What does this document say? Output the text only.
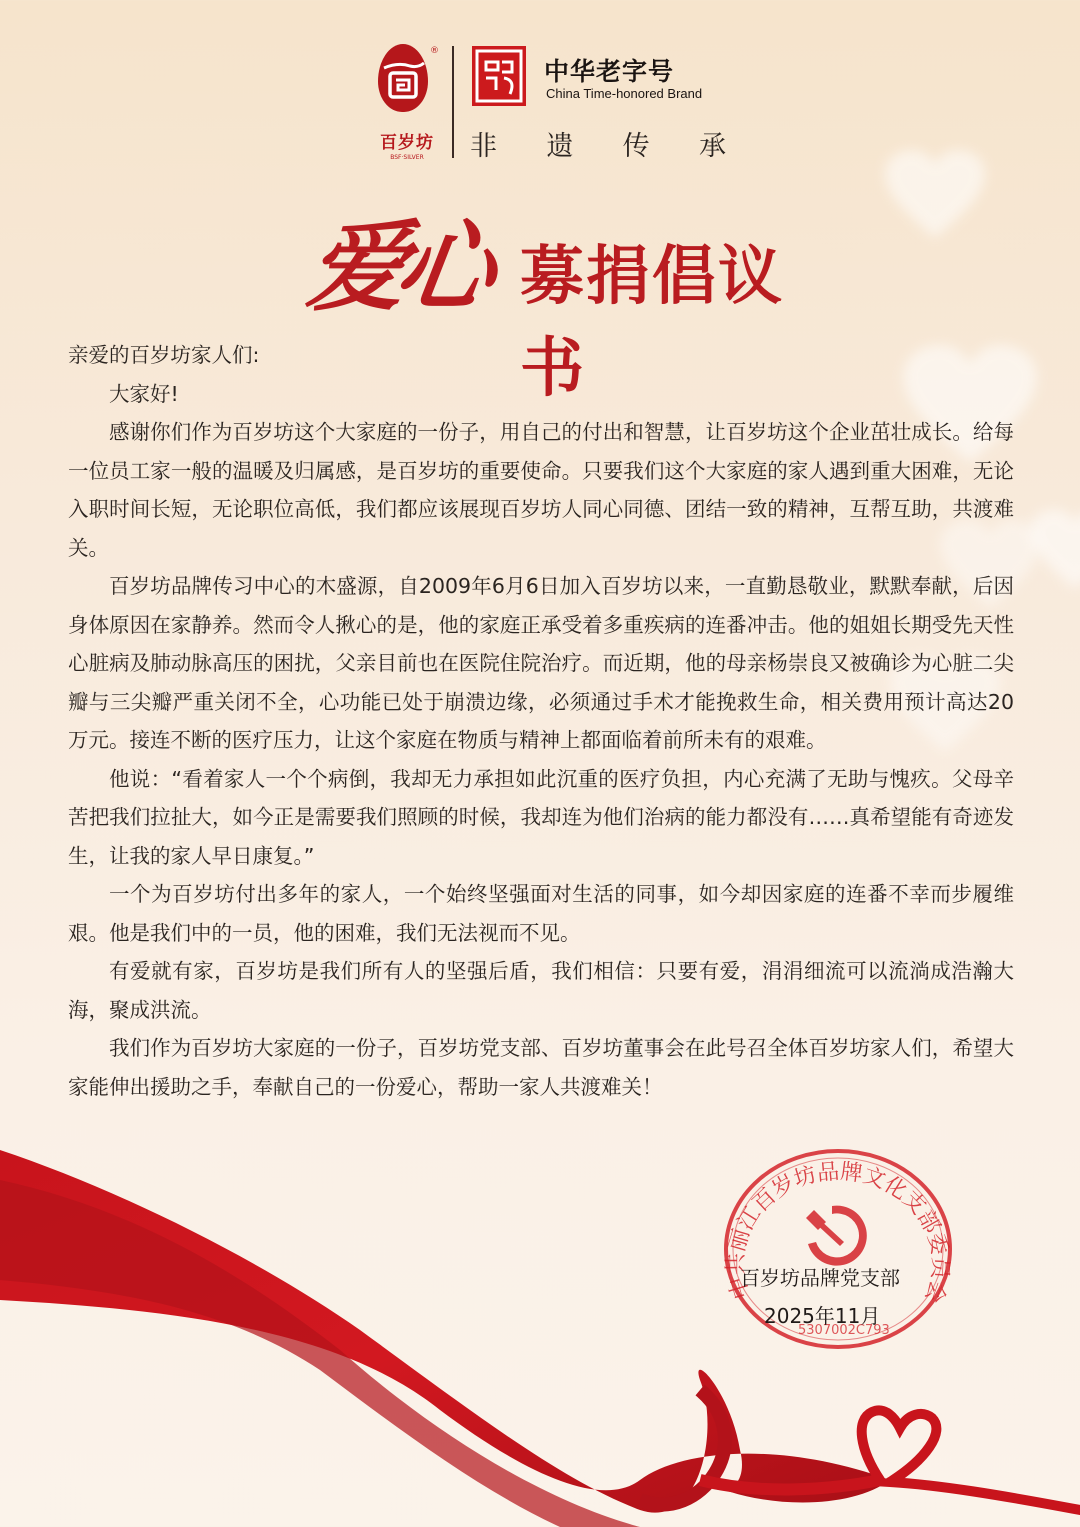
®
百岁坊
BSF·SILVER
中华老字号
China Time-honored Brand
非 遗 传 承
爱心 募捐倡议书

亲爱的百岁坊家人们:

大家好!

感谢你们作为百岁坊这个大家庭的一份子，用自己的付出和智慧，让百岁坊这个企业茁壮成长。给每一位员工家一般的温暖及归属感，是百岁坊的重要使命。只要我们这个大家庭的家人遇到重大困难，无论入职时间长短，无论职位高低，我们都应该展现百岁坊人同心同德、团结一致的精神，互帮互助，共渡难关。

百岁坊品牌传习中心的木盛源，自2009年6月6日加入百岁坊以来，一直勤恳敬业，默默奉献，后因身体原因在家静养。然而令人揪心的是，他的家庭正承受着多重疾病的连番冲击。他的姐姐长期受先天性心脏病及肺动脉高压的困扰，父亲目前也在医院住院治疗。而近期，他的母亲杨崇良又被确诊为心脏二尖瓣与三尖瓣严重关闭不全，心功能已处于崩溃边缘，必须通过手术才能挽救生命，相关费用预计高达20万元。接连不断的医疗压力，让这个家庭在物质与精神上都面临着前所未有的艰难。

他说：“看着家人一个个病倒，我却无力承担如此沉重的医疗负担，内心充满了无助与愧疚。父母辛苦把我们拉扯大，如今正是需要我们照顾的时候，我却连为他们治病的能力都没有……真希望能有奇迹发生，让我的家人早日康复。”

一个为百岁坊付出多年的家人，一个始终坚强面对生活的同事，如今却因家庭的连番不幸而步履维艰。他是我们中的一员，他的困难，我们无法视而不见。

有爱就有家，百岁坊是我们所有人的坚强后盾，我们相信：只要有爱，涓涓细流可以流淌成浩瀚大海，聚成洪流。

我们作为百岁坊大家庭的一份子，百岁坊党支部、百岁坊董事会在此号召全体百岁坊家人们，希望大家能伸出援助之手，奉献自己的一份爱心，帮助一家人共渡难关！

中共丽江百岁坊品牌文化支部委员会
5307002C793
百岁坊品牌党支部
2025年11月
